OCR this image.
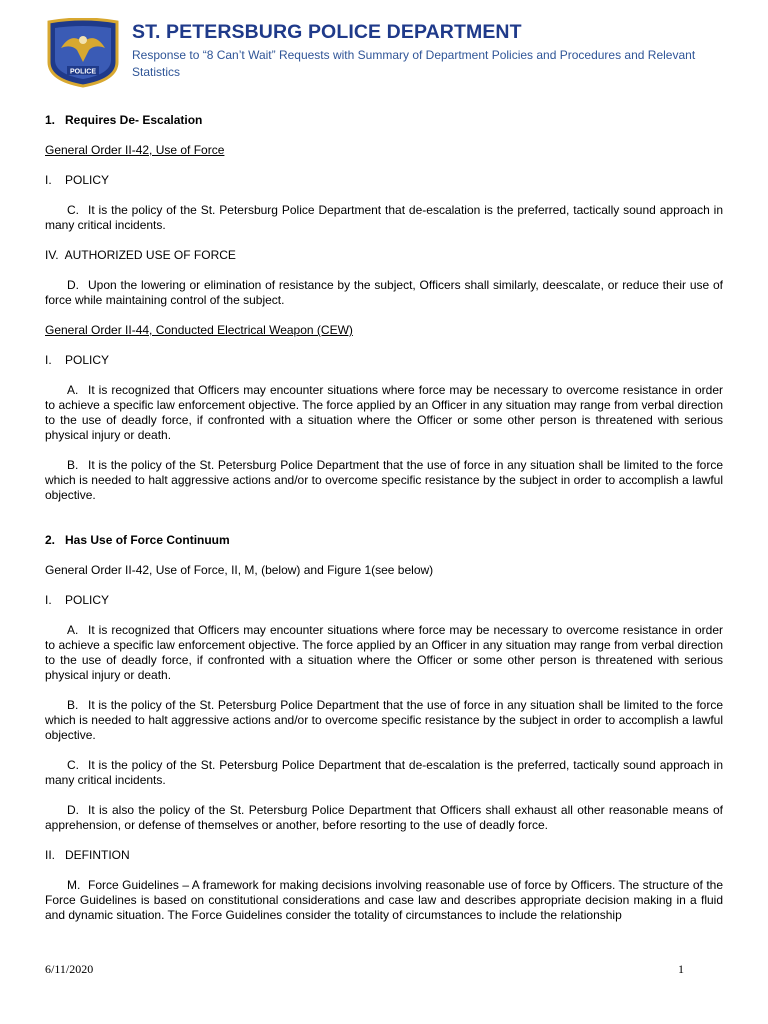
POLICE
ST. PETERSBURG POLICE DEPARTMENT

Response to “8 Can’t Wait” Requests with Summary of Department Policies and Procedures and Relevant Statistics

1. Requires De- Escalation

General Order II-42, Use of Force

I.    POLICY

C. It is the policy of the St. Petersburg Police Department that de-escalation is the preferred, tactically sound approach in many critical incidents.

IV.  AUTHORIZED USE OF FORCE

D. Upon the lowering or elimination of resistance by the subject, Officers shall similarly, deescalate, or reduce their use of force while maintaining control of the subject.

General Order II-44, Conducted Electrical Weapon (CEW)

I.    POLICY

A. It is recognized that Officers may encounter situations where force may be necessary to overcome resistance in order to achieve a specific law enforcement objective. The force applied by an Officer in any situation may range from verbal direction to the use of deadly force, if confronted with a situation where the Officer or some other person is threatened with serious physical injury or death.

B. It is the policy of the St. Petersburg Police Department that the use of force in any situation shall be limited to the force which is needed to halt aggressive actions and/or to overcome specific resistance by the subject in order to accomplish a lawful objective.

2. Has Use of Force Continuum

General Order II-42, Use of Force, II, M, (below) and Figure 1(see below)

I.    POLICY

A. It is recognized that Officers may encounter situations where force may be necessary to overcome resistance in order to achieve a specific law enforcement objective. The force applied by an Officer in any situation may range from verbal direction to the use of deadly force, if confronted with a situation where the Officer or some other person is threatened with serious physical injury or death.

B. It is the policy of the St. Petersburg Police Department that the use of force in any situation shall be limited to the force which is needed to halt aggressive actions and/or to overcome specific resistance by the subject in order to accomplish a lawful objective.

C. It is the policy of the St. Petersburg Police Department that de-escalation is the preferred, tactically sound approach in many critical incidents.

D. It is also the policy of the St. Petersburg Police Department that Officers shall exhaust all other reasonable means of apprehension, or defense of themselves or another, before resorting to the use of deadly force.

II.   DEFINTION

M. Force Guidelines – A framework for making decisions involving reasonable use of force by Officers. The structure of the Force Guidelines is based on constitutional considerations and case law and describes appropriate decision making in a fluid and dynamic situation. The Force Guidelines consider the totality of circumstances to include the relationship

6/11/2020	1
